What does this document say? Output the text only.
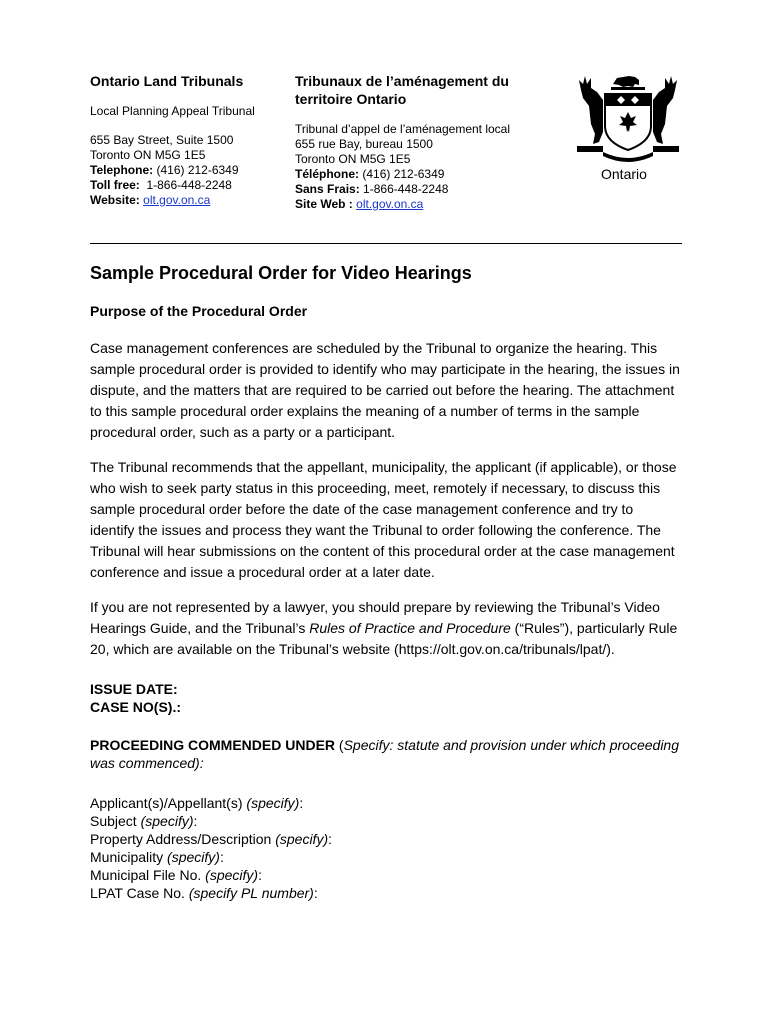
Ontario Land Tribunals
Local Planning Appeal Tribunal
655 Bay Street, Suite 1500
Toronto ON M5G 1E5
Telephone: (416) 212-6349
Toll free: 1-866-448-2248
Website: olt.gov.on.ca
Tribunaux de l’aménagement du territoire Ontario
Tribunal d’appel de l’aménagement local
655 rue Bay, bureau 1500
Toronto ON M5G 1E5
Téléphone: (416) 212-6349
Sans Frais: 1-866-448-2248
Site Web : olt.gov.on.ca
Ontario
Sample Procedural Order for Video Hearings
Purpose of the Procedural Order

Case management conferences are scheduled by the Tribunal to organize the hearing. This sample procedural order is provided to identify who may participate in the hearing, the issues in dispute, and the matters that are required to be carried out before the hearing. The attachment to this sample procedural order explains the meaning of a number of terms in the sample procedural order, such as a party or a participant.

The Tribunal recommends that the appellant, municipality, the applicant (if applicable), or those who wish to seek party status in this proceeding, meet, remotely if necessary, to discuss this sample procedural order before the date of the case management conference and try to identify the issues and process they want the Tribunal to order following the conference. The Tribunal will hear submissions on the content of this procedural order at the case management conference and issue a procedural order at a later date.

If you are not represented by a lawyer, you should prepare by reviewing the Tribunal’s Video Hearings Guide, and the Tribunal’s Rules of Practice and Procedure (“Rules”), particularly Rule 20, which are available on the Tribunal’s website (https://olt.gov.on.ca/tribunals/lpat/).

ISSUE DATE:
CASE NO(S).:
PROCEEDING COMMENDED UNDER (Specify: statute and provision under which proceeding was commenced):
Applicant(s)/Appellant(s) (specify):
Subject (specify):
Property Address/Description (specify):
Municipality (specify):
Municipal File No. (specify):
LPAT Case No. (specify PL number):
